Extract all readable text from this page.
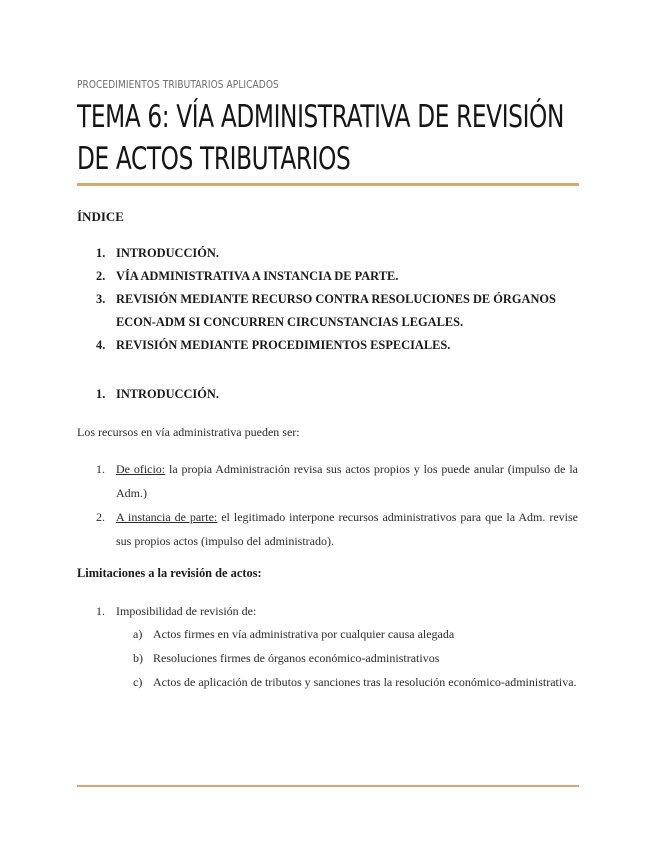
PROCEDIMIENTOS TRIBUTARIOS APLICADOS
TEMA 6: VÍA ADMINISTRATIVA DE REVISIÓN DE ACTOS TRIBUTARIOS
ÍNDICE
1. INTRODUCCIÓN.
2. VÍA ADMINISTRATIVA A INSTANCIA DE PARTE.
3. REVISIÓN MEDIANTE RECURSO CONTRA RESOLUCIONES DE ÓRGANOS ECON-ADM SI CONCURREN CIRCUNSTANCIAS LEGALES.
4. REVISIÓN MEDIANTE PROCEDIMIENTOS ESPECIALES.
1. INTRODUCCIÓN.
Los recursos en vía administrativa pueden ser:
1. De oficio: la propia Administración revisa sus actos propios y los puede anular (impulso de la Adm.)
2. A instancia de parte: el legitimado interpone recursos administrativos para que la Adm. revise sus propios actos (impulso del administrado).
Limitaciones a la revisión de actos:
1. Imposibilidad de revisión de:
a) Actos firmes en vía administrativa por cualquier causa alegada
b) Resoluciones firmes de órganos económico-administrativos
c) Actos de aplicación de tributos y sanciones tras la resolución económico-administrativa.
